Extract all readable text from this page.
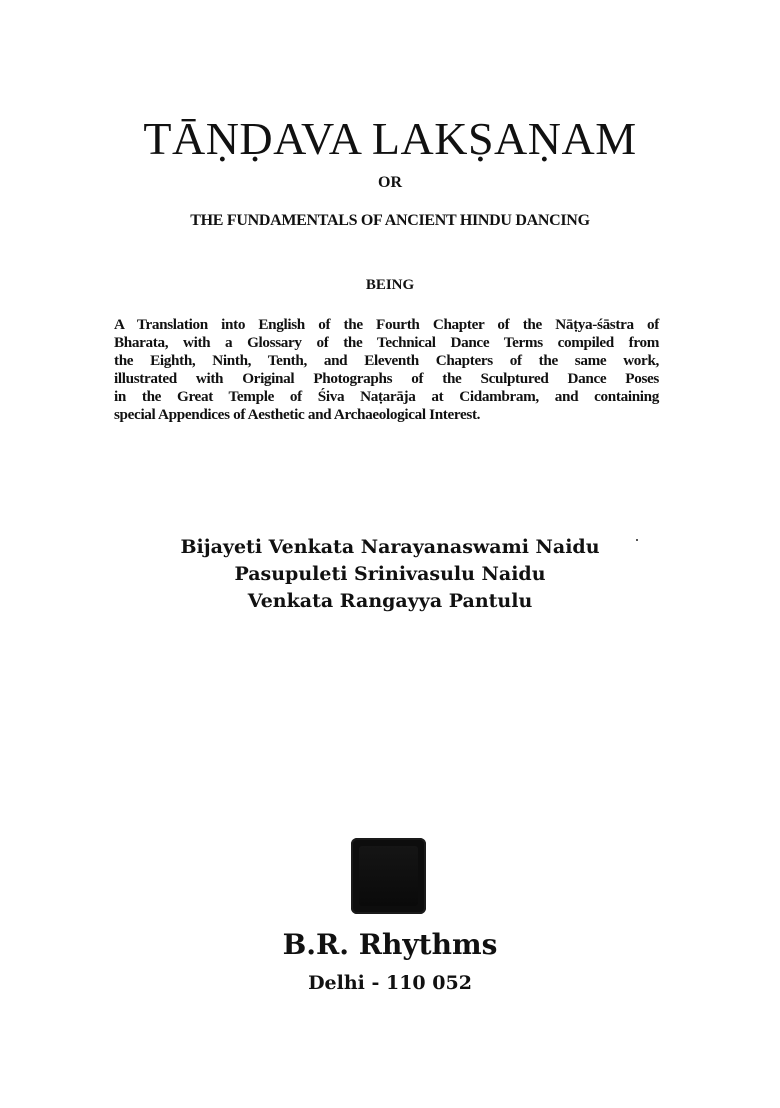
TĀṆḌAVA LAKṢAṆAM
OR
THE FUNDAMENTALS OF ANCIENT HINDU DANCING
BEING

A Translation into English of the Fourth Chapter of the Nāṭya-śāstra of
Bharata, with a Glossary of the Technical Dance Terms compiled from
the Eighth, Ninth, Tenth, and Eleventh Chapters of the same work,
illustrated with Original Photographs of the Sculptured Dance Poses
in the Great Temple of Śiva Naṭarāja at Cidambram, and containing
special Appendices of Aesthetic and Archaeological Interest.

Bijayeti Venkata Narayanaswami Naidu
Pasupuleti Srinivasulu Naidu
Venkata Rangayya Pantulu
B.R. Rhythms
Delhi - 110 052
